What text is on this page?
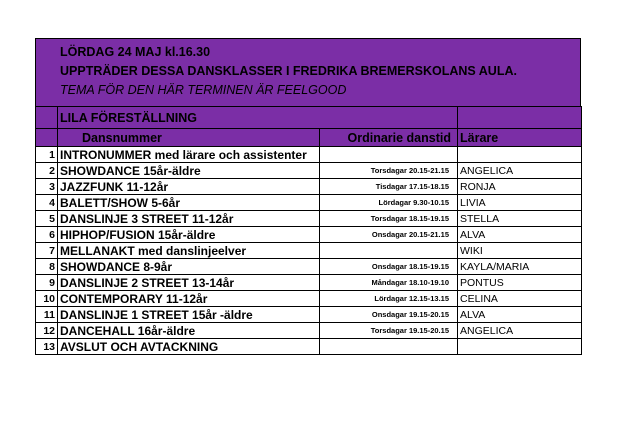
LÖRDAG 24 MAJ kl.16.30
UPPTRÄDER DESSA DANSKLASSER I FREDRIKA BREMERSKOLANS AULA.
TEMA FÖR DEN HÄR TERMINEN ÄR FEELGOOD
	LILA FÖRESTÄLLNING		
	Dansnummer	Ordinarie danstid	Lärare
1	INTRONUMMER med lärare och assistenter		
2	SHOWDANCE 15år-äldre	Torsdagar 20.15-21.15	ANGELICA
3	JAZZFUNK 11-12år	Tisdagar 17.15-18.15	RONJA
4	BALETT/SHOW 5-6år	Lördagar 9.30-10.15	LIVIA
5	DANSLINJE 3 STREET 11-12år	Torsdagar 18.15-19.15	STELLA
6	HIPHOP/FUSION 15år-äldre	Onsdagar 20.15-21.15	ALVA
7	MELLANAKT med danslinjeelver		WIKI
8	SHOWDANCE 8-9år	Onsdagar 18.15-19.15	KAYLA/MARIA
9	DANSLINJE 2 STREET 13-14år	Måndagar 18.10-19.10	PONTUS
10	CONTEMPORARY 11-12år	Lördagar 12.15-13.15	CELINA
11	DANSLINJE 1 STREET 15år -äldre	Onsdagar 19.15-20.15	ALVA
12	DANCEHALL 16år-äldre	Torsdagar 19.15-20.15	ANGELICA
13	AVSLUT OCH AVTACKNING		
